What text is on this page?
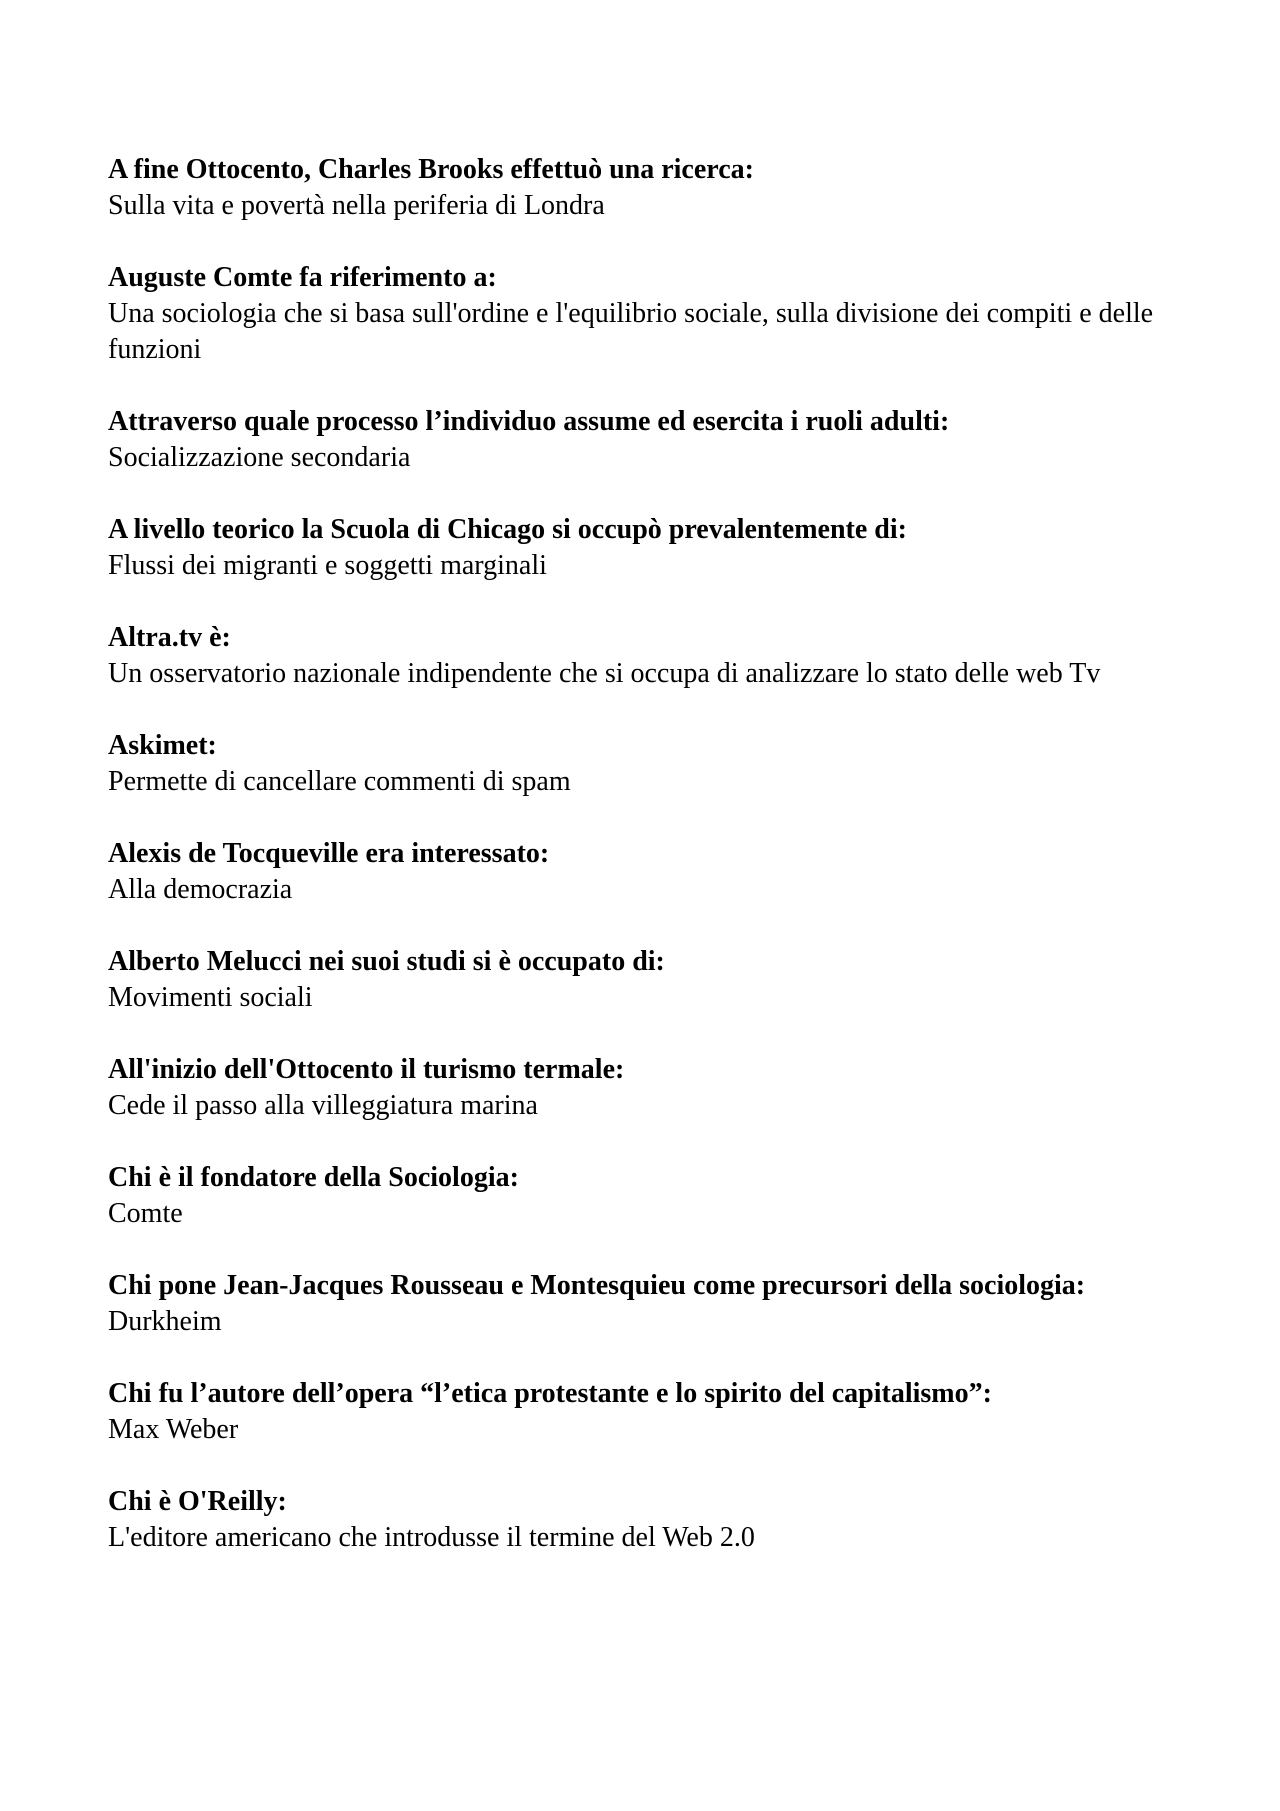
A fine Ottocento, Charles Brooks effettuò una ricerca:

Sulla vita e povertà nella periferia di Londra

Auguste Comte fa riferimento a:

Una sociologia che si basa sull'ordine e l'equilibrio sociale, sulla divisione dei compiti e delle funzioni

Attraverso quale processo l’individuo assume ed esercita i ruoli adulti:

Socializzazione secondaria

A livello teorico la Scuola di Chicago si occupò prevalentemente di:

Flussi dei migranti e soggetti marginali

Altra.tv è:

Un osservatorio nazionale indipendente che si occupa di analizzare lo stato delle web Tv

Askimet:

Permette di cancellare commenti di spam

Alexis de Tocqueville era interessato:

Alla democrazia

Alberto Melucci nei suoi studi si è occupato di:

Movimenti sociali

All'inizio dell'Ottocento il turismo termale:

Cede il passo alla villeggiatura marina

Chi è il fondatore della Sociologia:

Comte

Chi pone Jean-Jacques Rousseau e Montesquieu come precursori della sociologia:

Durkheim

Chi fu l’autore dell’opera “l’etica protestante e lo spirito del capitalismo”:

Max Weber

Chi è O'Reilly:

L'editore americano che introdusse il termine del Web 2.0
